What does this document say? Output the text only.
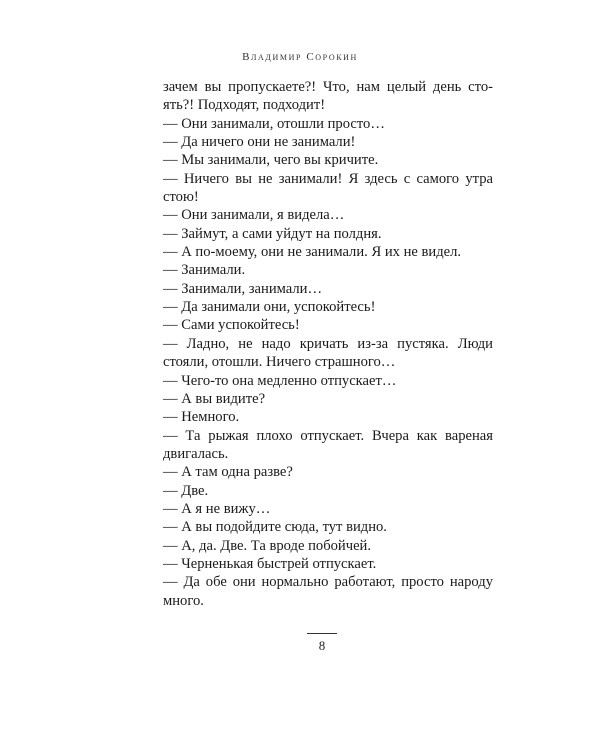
Владимир Сорокин
зачем вы пропускаете?! Что, нам целый день сто-
ять?! Подходят, подходит!
— Они занимали, отошли просто…
— Да ничего они не занимали!
— Мы занимали, чего вы кричите.
— Ничего вы не занимали! Я здесь с самого утра
стою!
— Они занимали, я видела…
— Займут, а сами уйдут на полдня.
— А по-моему, они не занимали. Я их не видел.
— Занимали.
— Занимали, занимали…
— Да занимали они, успокойтесь!
— Сами успокойтесь!
— Ладно, не надо кричать из-за пустяка. Люди
стояли, отошли. Ничего страшного…
— Чего-то она медленно отпускает…
— А вы видите?
— Немного.
— Та рыжая плохо отпускает. Вчера как вареная
двигалась.
— А там одна разве?
— Две.
— А я не вижу…
— А вы подойдите сюда, тут видно.
— А, да. Две. Та вроде побойчей.
— Черненькая быстрей отпускает.
— Да обе они нормально работают, просто народу
много.
8
